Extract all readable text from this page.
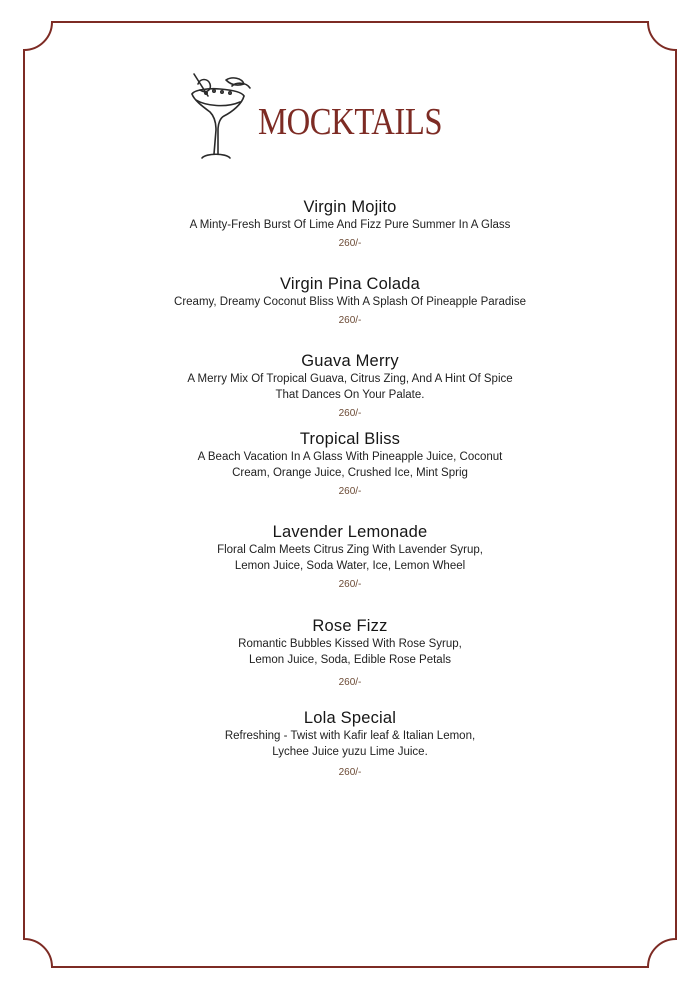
MOCKTAILS
Virgin Mojito
A Minty-Fresh Burst Of Lime And Fizz Pure Summer In A Glass
260/-
Virgin Pina Colada
Creamy, Dreamy Coconut Bliss With A Splash Of Pineapple Paradise
260/-
Guava Merry
A Merry Mix Of Tropical Guava, Citrus Zing, And A Hint Of Spice
That Dances On Your Palate.
260/-
Tropical Bliss
A Beach Vacation In A Glass With Pineapple Juice, Coconut
Cream, Orange Juice, Crushed Ice, Mint Sprig
260/-
Lavender Lemonade
Floral Calm Meets Citrus Zing With Lavender Syrup,
Lemon Juice, Soda Water, Ice, Lemon Wheel
260/-
Rose Fizz
Romantic Bubbles Kissed With Rose Syrup,
Lemon Juice, Soda, Edible Rose Petals
260/-
Lola Special
Refreshing - Twist with Kafir leaf & Italian Lemon,
Lychee Juice yuzu Lime Juice.
260/-
